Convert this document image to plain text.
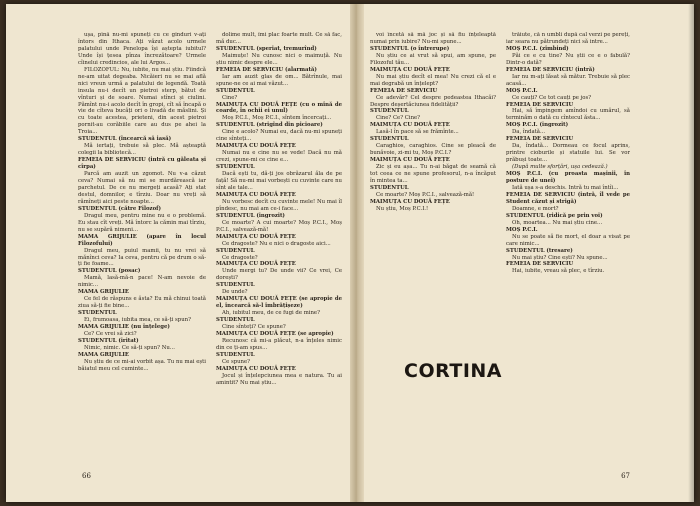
ușa, pînă nu-mi spuneți cu ce gînduri v-ați întors din Ithaca. Ați văzut acolo urmele palatului unde Penelopa își aștepta iubitul? Unde își țesea pînza încrezătoare? Urmele cîinelui credincios, ale lui Argos...

FILOZOFUL: Nu, iubite, nu mai știu. Fiindcă ne-am uitat degeaba. Nicăieri nu se mai află nici vreun urmă a palatului de legendă. Toată insula nu-i decît un pietroi sterp, bătut de vînturi și de soare. Numai stînci și ciulini. Pămînt nu-i acolo decît în gropi, cît să încapă o vie de cîteva bucăți ori o livadă de măslini. Și cu toate acestea, prieteni, din acest pietroi pornit-au corăbiile care au dus pe ahei la Troia...

STUDENTUL (încearcă să iasă)

Mă iertați, trebuie să plec. Mă așteaptă colegii la bibliotecă...

FEMEIA DE SERVICIU (intră cu găleata și cîrpa)

Parcă am auzit un zgomot. Nu v-a căzut ceva? Numai să nu mi se murdărească iar parchetul. De ce nu mergeți acasă? Ați stat destul, domnilor, e tîrziu. Doar nu vreți să rămîneți aici peste noapte...

STUDENTUL (către Filozof)

Dragul meu, pentru mine nu e o problemă. Eu stau cît vreți. Mă întorc la cămin mai tîrziu, nu se supără nimeni...

MAMA GRIJULIE (apare în locul Filozofului)

Dragul meu, puiul mamii, tu nu vrei să mănînci ceva? Ia ceva, pentru că pe drum o să-ți fie foame...

STUDENTUL (posac)

Mamă, lasă-mă-n pace! N-am nevoie de nimic...

MAMA GRIJULIE

Ce fel de răspuns e ăsta? Eu mă chinui toată ziua să-ți fie bine...

STUDENTUL

Ei, frumoasa, iubita mea, ce să-ți spun?

MAMA GRIJULIE (nu înțelege)

Ce? Ce vrei să zici?

STUDENTUL (iritat)

Nimic, nimic. Ce să-ți spun? Nu...

MAMA GRIJULIE

Nu știu de ce mi-ai vorbit așa. Tu nu mai ești băiatul meu cel cuminte...

dolime mult, îmi plac foarte mult. Ce să fac, mă duc...

STUDENTUL (speriat, tremurînd)

Maimuțe! Nu cunosc nici o maimuță. Nu știu nimic despre ele...

FEMEIA DE SERVICIU (alarmată)

Iar am auzit glas de om... Bătrînule, mai spune-ne ce ai mai văzut...

STUDENTUL

Cine?

MAIMUȚA CU DOUĂ FEȚE (cu o mînă de coarde, în ochii ei unul)

Moș P.C.I., Moș P.C.I., sîntem încercați...

STUDENTUL (strigînd din picioare)

Cine e acolo? Numai eu, dacă nu-mi spuneți cine sînteți...

MAIMUȚA CU DOUĂ FEȚE

Numai nu e cine nu se vede! Dacă nu mă crezi, spune-mi ce cine e...

STUDENTUL

Dacă ești tu, dă-ți jos obrăzarul ăla de pe față! Să nu-mi mai vorbești cu cuvinte care nu sînt ale tale...

MAIMUȚA CU DOUĂ FEȚE

Nu vorbesc decît cu cuvinte mele! Nu mai îl pîndesc, nu mai am ce-i face...

STUDENTUL (ingrozit)

Ce moarte? A cui moarte? Moș P.C.I., Moș P.C.I., salvează-mă!

MAIMUȚA CU DOUĂ FEȚE

Ce dragoste? Nu e nici o dragoste aici...

STUDENTUL

Ce dragoste?

MAIMUȚA CU DOUĂ FEȚE

Unde mergi tu? De unde vii? Ce vrei, Ce dorești?

STUDENTUL

De unde?

MAIMUȚA CU DOUĂ FEȚE (se apropie de el, încearcă să-l îmbrățișeze)

Ah, iubitul meu, de ce fugi de mine?

STUDENTUL

Cine sînteți? Ce spune?

MAIMUȚA CU DOUĂ FEȚE (se apropie)

Recunosc că mi-a plăcut, n-a înțeles nimic din ce ți-am spus...

STUDENTUL

Ce spune?

MAIMUȚA CU DOUĂ FEȚE

Jocul și înțelepciunea mea e natura. Tu ai amintit? Nu mai știu...

66

voi încetă să mă joc și să fiu înțeleaptă numai prin iubire? Nu-mi spune...

STUDENTUL (o întrerupe)

Nu știu ce ai vrut să spui, am spune, pe Filozoful tău...

MAIMUȚA CU DOUĂ FEȚE

Nu mai știu decît el mea! Nu crezi că el e mai degrabă un înțelept?

FEMEIA DE SERVICIU

Ce adevăr? Cel despre pedeastea Ithacăi? Despre deșertăciunea fidelității?

STUDENTUL

Cine? Ce? Cine?

MAIMUȚA CU DOUĂ FEȚE

Lasă-l în pace să se frămînte...

STUDENTUL

Caraghios, caraghios. Cine se pleacă de bunăvoie, zi-mi tu, Moș P.C.I.?

MAIMUȚA CU DOUĂ FEȚE

Zic și eu așa... Tu n-ai băgat de seamă că tot ceea ce ne spune profesorul, n-a încăput în mintea ta...

STUDENTUL

Ce moarte? Moș P.C.I., salvează-mă!

MAIMUȚA CU DOUĂ FEȚE

Nu știu, Moș P.C.I.!

trăiute, că n umbli după cal verzi pe pereți, iar seara nu pătrundeți nici să intre...

MOȘ P.C.I. (zîmbind)

Păi ce e cu tine? Nu știi ce e o fabulă? Dintr-o dată?

FEMEIA DE SERVICIU (intră)

Iar nu m-ați lăsat să mătur. Trebuie să plec acasă...

MOȘ P.C.I.

Ce cauți? Ce tot cauți pe jos?

FEMEIA DE SERVICIU

Hai, să împingem amîndoi cu umărul, să terminăm o dată cu cîntecul ăsta...

MOȘ P.C.I. (ingrozit)

Da, îndată...

FEMEIA DE SERVICIU

Da, îndată... Dormeau ce focul aprins, printre cioburile și statuile lui. Se vor prăbuși toate...

(După multe sforțări, ușa cedează.)

MOȘ P.C.I. (cu proasta mașinii, în posture de unei)

Iată ușa s-a deschis. Intră tu mai întîi...

FEMEIA DE SERVICIU (intră, îl vede pe Student căzut și strigă)

Doamne, e mort?

STUDENTUL (ridică pe prin voi)

Oh, moartea... Nu mai știu cine...

MOȘ P.C.I.

Nu se poate să fie mort, el doar a visat pe care nimic...

STUDENTUL (tresare)

Nu mai știu? Cine ești? Nu spune...

FEMEIA DE SERVICIU

Hai, iubite, vreau să plec, e tîrziu.

CORTINA
67
